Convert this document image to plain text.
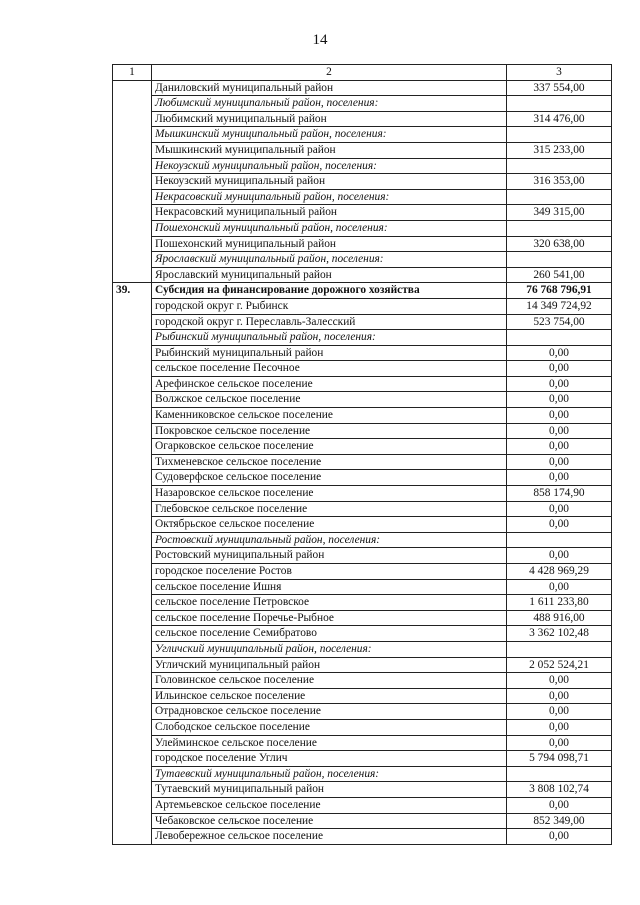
14
1	2	3
	Даниловский муниципальный район	337 554,00
	Любимский муниципальный район, поселения:	
	Любимский муниципальный район	314 476,00
	Мышкинский муниципальный район, поселения:	
	Мышкинский муниципальный район	315 233,00
	Некоузский муниципальный район, поселения:	
	Некоузский муниципальный район	316 353,00
	Некрасовский муниципальный район, поселения:	
	Некрасовский муниципальный район	349 315,00
	Пошехонский муниципальный район, поселения:	
	Пошехонский муниципальный район	320 638,00
	Ярославский муниципальный район, поселения:	
	Ярославский муниципальный район	260 541,00
39.	Субсидия на финансирование дорожного хозяйства	76 768 796,91
	городской округ г. Рыбинск	14 349 724,92
	городской округ г. Переславль-Залесский	523 754,00
	Рыбинский муниципальный район, поселения:	
	Рыбинский муниципальный район	0,00
	сельское поселение Песочное	0,00
	Арефинское сельское поселение	0,00
	Волжское сельское поселение	0,00
	Каменниковское сельское поселение	0,00
	Покровское сельское поселение	0,00
	Огарковское сельское поселение	0,00
	Тихменевское сельское поселение	0,00
	Судоверфское сельское поселение	0,00
	Назаровское сельское поселение	858 174,90
	Глебовское сельское поселение	0,00
	Октябрьское сельское поселение	0,00
	Ростовский муниципальный район, поселения:	
	Ростовский муниципальный район	0,00
	городское поселение Ростов	4 428 969,29
	сельское поселение Ишня	0,00
	сельское поселение Петровское	1 611 233,80
	сельское поселение Поречье-Рыбное	488 916,00
	сельское поселение Семибратово	3 362 102,48
	Угличский муниципальный район, поселения:	
	Угличский муниципальный район	2 052 524,21
	Головинское сельское поселение	0,00
	Ильинское сельское поселение	0,00
	Отрадновское сельское поселение	0,00
	Слободское сельское поселение	0,00
	Улейминское сельское поселение	0,00
	городское поселение Углич	5 794 098,71
	Тутаевский муниципальный район, поселения:	
	Тутаевский муниципальный район	3 808 102,74
	Артемьевское сельское поселение	0,00
	Чебаковское сельское поселение	852 349,00
	Левобережное сельское поселение	0,00
